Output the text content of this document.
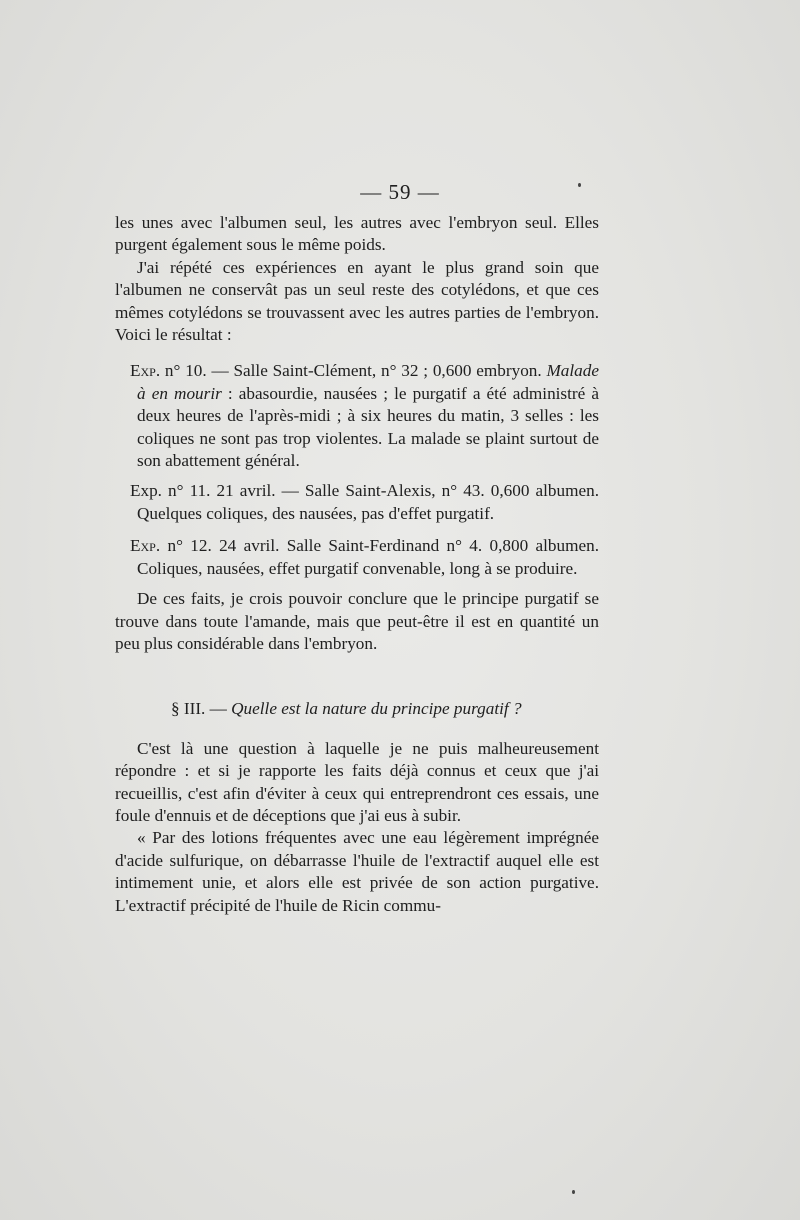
— 59 —

les unes avec l'albumen seul, les autres avec l'embryon seul. Elles purgent également sous le même poids.

J'ai répété ces expériences en ayant le plus grand soin que l'albumen ne conservât pas un seul reste des cotylédons, et que ces mêmes cotylédons se trouvassent avec les autres parties de l'embryon. Voici le résultat :

Exp. n° 10. — Salle Saint-Clément, n° 32 ; 0,600 embryon. Malade à en mourir : abasourdie, nausées ; le purgatif a été administré à deux heures de l'après-midi ; à six heures du matin, 3 selles : les coliques ne sont pas trop violentes. La malade se plaint surtout de son abattement général.

Exp. n° 11. 21 avril. — Salle Saint-Alexis, n° 43. 0,600 albumen. Quelques coliques, des nausées, pas d'effet purgatif.

Exp. n° 12. 24 avril. Salle Saint-Ferdinand n° 4. 0,800 albumen. Coliques, nausées, effet purgatif convenable, long à se produire.

De ces faits, je crois pouvoir conclure que le principe purgatif se trouve dans toute l'amande, mais que peut-être il est en quantité un peu plus considérable dans l'embryon.

§ III. — Quelle est la nature du principe purgatif ?

C'est là une question à laquelle je ne puis malheureusement répondre : et si je rapporte les faits déjà connus et ceux que j'ai recueillis, c'est afin d'éviter à ceux qui entreprendront ces essais, une foule d'ennuis et de déceptions que j'ai eus à subir.

« Par des lotions fréquentes avec une eau légèrement imprégnée d'acide sulfurique, on débarrasse l'huile de l'extractif auquel elle est intimement unie, et alors elle est privée de son action purgative. L'extractif précipité de l'huile de Ricin commu-
